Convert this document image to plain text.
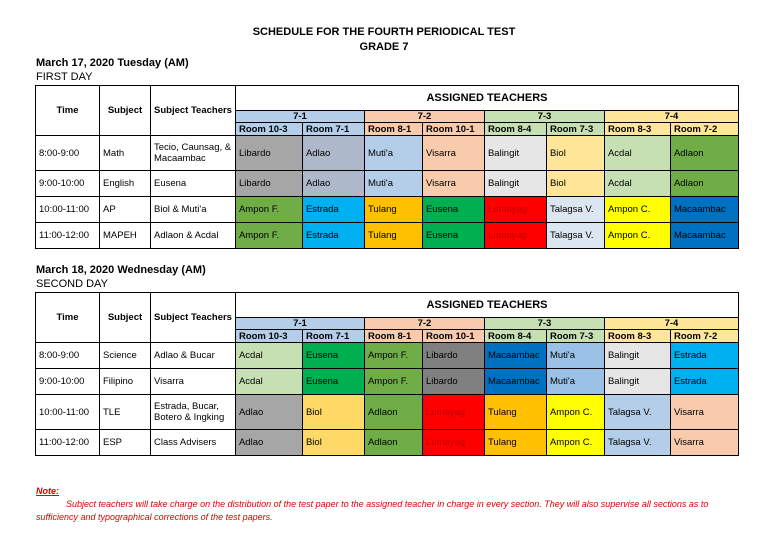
SCHEDULE FOR THE FOURTH PERIODICAL TEST
GRADE 7
March 17, 2020 Tuesday (AM)
FIRST DAY
Time	Subject	Subject Teachers	ASSIGNED TEACHERS							
			7-1		7-2		7-3		7-4	
			Room 10-3	Room 7-1	Room 8-1	Room 10-1	Room 8-4	Room 7-3	Room 8-3	Room 7-2
8:00-9:00	Math	Tecio, Caunsag, & Macaambac	Libardo	Adlao	Muti'a	Visarra	Balingit	Biol	Acdal	Adlaon
9:00-10:00	English	Eusena	Libardo	Adlao	Muti'a	Visarra	Balingit	Biol	Acdal	Adlaon
10:00-11:00	AP	Biol & Muti'a	Ampon F.	Estrada	Tulang	Eusena	Lumayag	Talagsa V.	Ampon C.	Macaambac
11:00-12:00	MAPEH	Adlaon & Acdal	Ampon F.	Estrada	Tulang	Eusena	Lumayag	Talagsa V.	Ampon C.	Macaambac
March 18, 2020 Wednesday (AM)
SECOND DAY
Time	Subject	Subject Teachers	ASSIGNED TEACHERS							
			7-1		7-2		7-3		7-4	
			Room 10-3	Room 7-1	Room 8-1	Room 10-1	Room 8-4	Room 7-3	Room 8-3	Room 7-2
8:00-9:00	Science	Adlao & Bucar	Acdal	Eusena	Ampon F.	Libardo	Macaambac	Muti'a	Balingit	Estrada
9:00-10:00	Filipino	Visarra	Acdal	Eusena	Ampon F.	Libardo	Macaambac	Muti'a	Balingit	Estrada
10:00-11:00	TLE	Estrada, Bucar, Botero & Ingking	Adlao	Biol	Adlaon	Lumayag	Tulang	Ampon C.	Talagsa V.	Visarra
11:00-12:00	ESP	Class Advisers	Adlao	Biol	Adlaon	Lumayag	Tulang	Ampon C.	Talagsa V.	Visarra
Note:
Subject teachers will take charge on the distribution of the test paper to the assigned teacher in charge in every section. They will also supervise all sections as to sufficiency and typographical corrections of the test papers.
